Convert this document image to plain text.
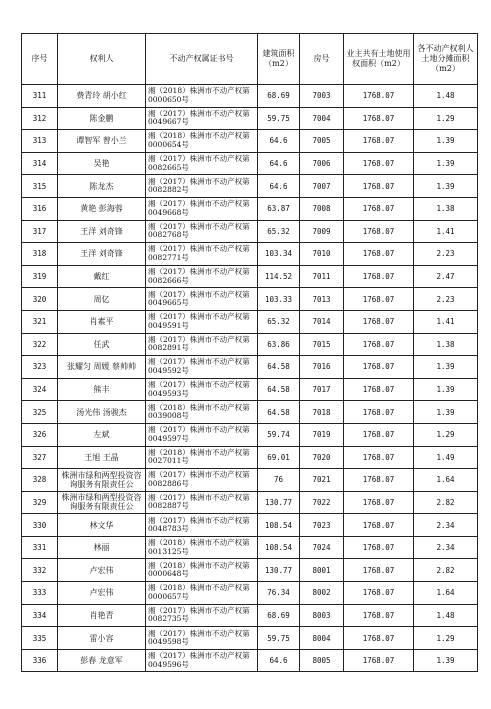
序号	权利人	不动产权属证书号	建筑面积（m2）	房号	业主共有土地使用权面积（m2）	各不动产权利人土地分摊面积（m2）
311	费青玲 胡小红	湘（2018）株洲市不动产权第0000650号	68.69	7003	1768.07	1.48
312	陈金鹏	湘（2017）株洲市不动产权第0049667号	59.75	7004	1768.07	1.29
313	谭智军 曾小兰	湘（2018）株洲市不动产权第0000654号	64.6	7005	1768.07	1.39
314	吴艳	湘（2017）株洲市不动产权第0082665号	64.6	7006	1768.07	1.39
315	陈龙杰	湘（2017）株洲市不动产权第0082882号	64.6	7007	1768.07	1.39
316	黄艳 彭海蓉	湘（2017）株洲市不动产权第0049668号	63.87	7008	1768.07	1.38
317	王洋 刘奇锋	湘（2017）株洲市不动产权第0082768号	65.32	7009	1768.07	1.41
318	王洋 刘奇锋	湘（2017）株洲市不动产权第0082771号	103.34	7010	1768.07	2.23
319	戴红	湘（2017）株洲市不动产权第0082666号	114.52	7011	1768.07	2.47
320	周亿	湘（2017）株洲市不动产权第0049665号	103.33	7013	1768.07	2.23
321	肖素平	湘（2017）株洲市不动产权第0049591号	65.32	7014	1768.07	1.41
322	任武	湘（2017）株洲市不动产权第0082891号	63.86	7015	1768.07	1.38
323	张耀匀 周媛 蔡帅帅	湘（2017）株洲市不动产权第0049592号	64.58	7016	1768.07	1.39
324	熊丰	湘（2017）株洲市不动产权第0049593号	64.58	7017	1768.07	1.39
325	汤光伟 汤骏杰	湘（2018）株洲市不动产权第0039008号	64.58	7018	1768.07	1.39
326	左斌	湘（2017）株洲市不动产权第0049597号	59.74	7019	1768.07	1.29
327	王旭 王晶	湘（2018）株洲市不动产权第0027011号	69.01	7020	1768.07	1.49
328	株洲市绿和两型投资咨询服务有限责任公	湘（2017）株洲市不动产权第0082886号	76	7021	1768.07	1.64
329	株洲市绿和两型投资咨询服务有限责任公	湘（2017）株洲市不动产权第0082887号	130.77	7022	1768.07	2.82
330	林文华	湘（2017）株洲市不动产权第0048783号	108.54	7023	1768.07	2.34
331	林丽	湘（2018）株洲市不动产权第0013125号	108.54	7024	1768.07	2.34
332	卢宏伟	湘（2018）株洲市不动产权第0000648号	130.77	8001	1768.07	2.82
333	卢宏伟	湘（2018）株洲市不动产权第0000657号	76.34	8002	1768.07	1.64
334	肖艳青	湘（2017）株洲市不动产权第0082735号	68.69	8003	1768.07	1.48
335	雷小容	湘（2017）株洲市不动产权第0049598号	59.75	8004	1768.07	1.29
336	彭春 龙意军	湘（2017）株洲市不动产权第0049596号	64.6	8005	1768.07	1.39
